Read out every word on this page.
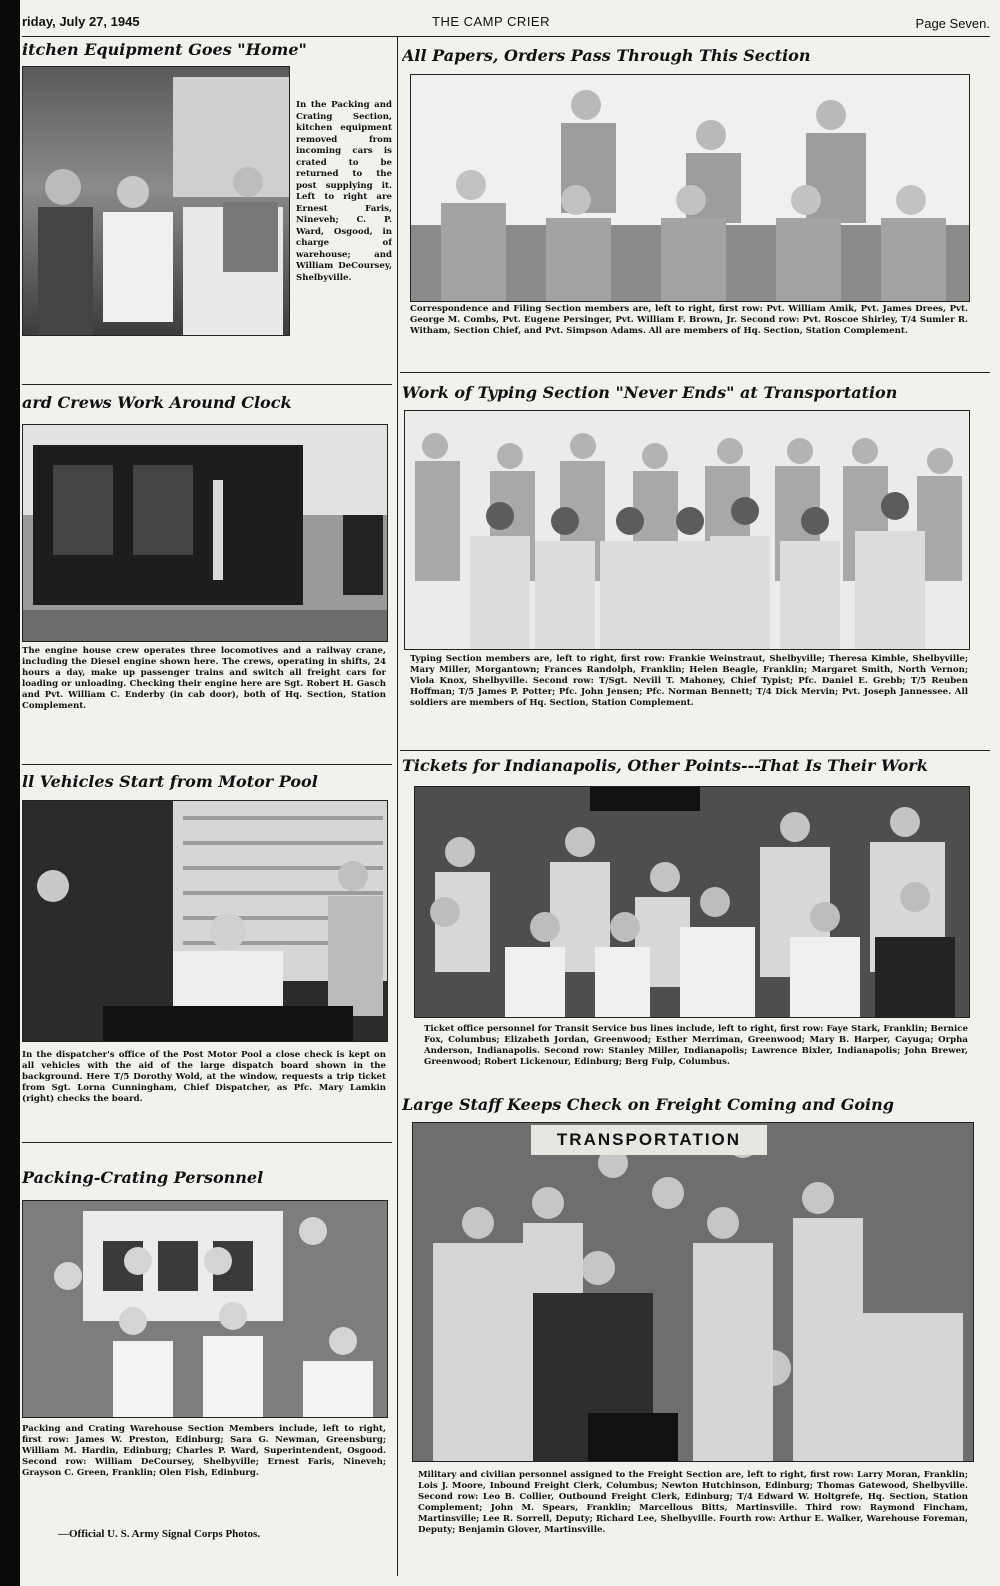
riday, July 27, 1945	THE CAMP CRIER	Page Seven.
itchen Equipment Goes "Home"
In the Packing and Crating Section, kitchen equipment removed from incoming cars is crated to be returned to the post supplying it. Left to right are Ernest Faris, Nineveh; C. P. Ward, Osgood, in charge of warehouse; and William DeCoursey, Shelbyville.
ard Crews Work Around Clock
The engine house crew operates three locomotives and a railway crane, including the Diesel engine shown here. The crews, operating in shifts, 24 hours a day, make up passenger trains and switch all freight cars for loading or unloading. Checking their engine here are Sgt. Robert H. Gasch and Pvt. William C. Enderby (in cab door), both of Hq. Section, Station Complement.
ll Vehicles Start from Motor Pool
In the dispatcher's office of the Post Motor Pool a close check is kept on all vehicles with the aid of the large dispatch board shown in the background. Here T/5 Dorothy Wold, at the window, requests a trip ticket from Sgt. Lorna Cunningham, Chief Dispatcher, as Pfc. Mary Lamkin (right) checks the board.
Packing-Crating Personnel
Packing and Crating Warehouse Section Members include, left to right, first row: James W. Preston, Edinburg; Sara G. Newman, Greensburg; William M. Hardin, Edinburg; Charles P. Ward, Superintendent, Osgood. Second row: William DeCoursey, Shelbyville; Ernest Faris, Nineveh; Grayson C. Green, Franklin; Olen Fish, Edinburg.
—Official U. S. Army Signal Corps Photos.
All Papers, Orders Pass Through This Section
Correspondence and Filing Section members are, left to right, first row: Pvt. William Amik, Pvt. James Drees, Pvt. George M. Combs, Pvt. Eugene Persinger, Pvt. William F. Brown, Jr. Second row: Pvt. Roscoe Shirley, T/4 Sumler R. Witham, Section Chief, and Pvt. Simpson Adams. All are members of Hq. Section, Station Complement.
Work of Typing Section "Never Ends" at Transportation
Typing Section members are, left to right, first row: Frankie Weinstraut, Shelbyville; Theresa Kimble, Shelbyville; Mary Miller, Morgantown; Frances Randolph, Franklin; Helen Beagle, Franklin; Margaret Smith, North Vernon; Viola Knox, Shelbyville. Second row: T/Sgt. Nevill T. Mahoney, Chief Typist; Pfc. Daniel E. Grebb; T/5 Reuben Hoffman; T/5 James P. Potter; Pfc. John Jensen; Pfc. Norman Bennett; T/4 Dick Mervin; Pvt. Joseph Jannessee. All soldiers are members of Hq. Section, Station Complement.
Tickets for Indianapolis, Other Points---That Is Their Work
Ticket office personnel for Transit Service bus lines include, left to right, first row: Faye Stark, Franklin; Bernice Fox, Columbus; Elizabeth Jordan, Greenwood; Esther Merriman, Greenwood; Mary B. Harper, Cayuga; Orpha Anderson, Indianapolis. Second row: Stanley Miller, Indianapolis; Lawrence Bixler, Indianapolis; John Brewer, Greenwood; Robert Lickenour, Edinburg; Berg Fulp, Columbus.
Large Staff Keeps Check on Freight Coming and Going
TRANSPORTATION
Military and civilian personnel assigned to the Freight Section are, left to right, first row: Larry Moran, Franklin; Lois J. Moore, Inbound Freight Clerk, Columbus; Newton Hutchinson, Edinburg; Thomas Gatewood, Shelbyville. Second row: Leo B. Collier, Outbound Freight Clerk, Edinburg; T/4 Edward W. Holtgrefe, Hq. Section, Station Complement; John M. Spears, Franklin; Marcellous Bitts, Martinsville. Third row: Raymond Fincham, Martinsville; Lee R. Sorrell, Deputy; Richard Lee, Shelbyville. Fourth row: Arthur E. Walker, Warehouse Foreman, Deputy; Benjamin Glover, Martinsville.
